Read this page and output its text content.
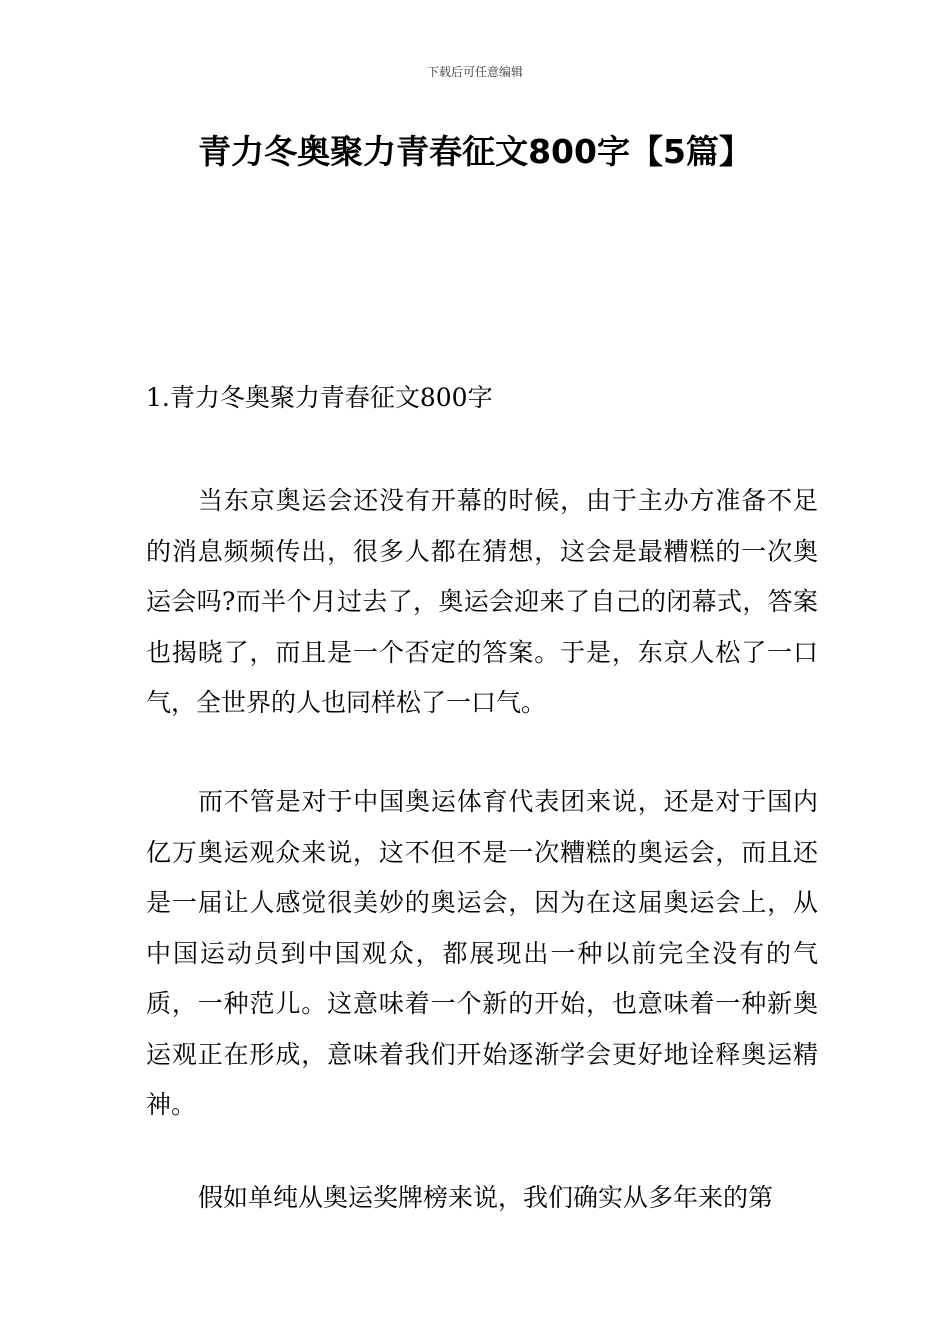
下载后可任意编辑
青力冬奥聚力青春征文800字【5篇】
1.青力冬奥聚力青春征文800字

当东京奥运会还没有开幕的时候，由于主办方准备不足的消息频频传出，很多人都在猜想，这会是最糟糕的一次奥运会吗?而半个月过去了，奥运会迎来了自己的闭幕式，答案也揭晓了，而且是一个否定的答案。于是，东京人松了一口气，全世界的人也同样松了一口气。

而不管是对于中国奥运体育代表团来说，还是对于国内亿万奥运观众来说，这不但不是一次糟糕的奥运会，而且还是一届让人感觉很美妙的奥运会，因为在这届奥运会上，从中国运动员到中国观众，都展现出一种以前完全没有的气质，一种范儿。这意味着一个新的开始，也意味着一种新奥运观正在形成，意味着我们开始逐渐学会更好地诠释奥运精神。

假如单纯从奥运奖牌榜来说，我们确实从多年来的第
